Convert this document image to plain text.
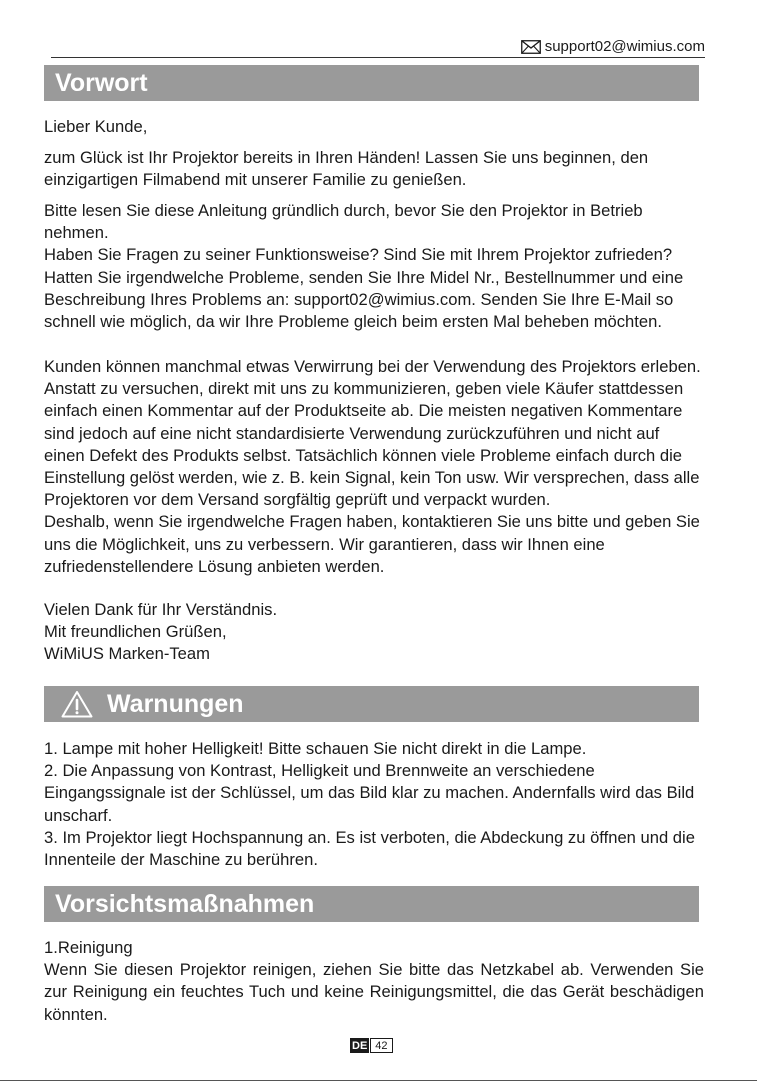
support02@wimius.com
Vorwort

Lieber Kunde,

zum Glück ist Ihr Projektor bereits in Ihren Händen! Lassen Sie uns beginnen, den einzigartigen Filmabend mit unserer Familie zu genießen.

Bitte lesen Sie diese Anleitung gründlich durch, bevor Sie den Projektor in Betrieb nehmen.

Haben Sie Fragen zu seiner Funktionsweise? Sind Sie mit Ihrem Projektor zufrieden? Hatten Sie irgendwelche Probleme, senden Sie Ihre Midel Nr., Bestellnummer und eine Beschreibung Ihres Problems an: support02@wimius.com. Senden Sie Ihre E-Mail so schnell wie möglich, da wir Ihre Probleme gleich beim ersten Mal beheben möchten.

Kunden können manchmal etwas Verwirrung bei der Verwendung des Projektors erleben. Anstatt zu versuchen, direkt mit uns zu kommunizieren, geben viele Käufer stattdessen einfach einen Kommentar auf der Produktseite ab. Die meisten negativen Kommentare sind jedoch auf eine nicht standardisierte Verwendung zurückzuführen und nicht auf einen Defekt des Produkts selbst. Tatsächlich können viele Probleme einfach durch die Einstellung gelöst werden, wie z. B. kein Signal, kein Ton usw. Wir versprechen, dass alle Projektoren vor dem Versand sorgfältig geprüft und verpackt wurden.

Deshalb, wenn Sie irgendwelche Fragen haben, kontaktieren Sie uns bitte und geben Sie uns die Möglichkeit, uns zu verbessern. Wir garantieren, dass wir Ihnen eine zufriedenstellendere Lösung anbieten werden.

Vielen Dank für Ihr Verständnis.

Mit freundlichen Grüßen,

WiMiUS Marken-Team

Warnungen

1. Lampe mit hoher Helligkeit! Bitte schauen Sie nicht direkt in die Lampe.

2. Die Anpassung von Kontrast, Helligkeit und Brennweite an verschiedene Eingangssignale ist der Schlüssel, um das Bild klar zu machen. Andernfalls wird das Bild unscharf.

3. Im Projektor liegt Hochspannung an. Es ist verboten, die Abdeckung zu öffnen und die Innenteile der Maschine zu berühren.

Vorsichtsmaßnahmen

1.Reinigung

Wenn Sie diesen Projektor reinigen, ziehen Sie bitte das Netzkabel ab. Verwenden Sie zur Reinigung ein feuchtes Tuch und keine Reinigungsmittel, die das Gerät beschädigen könnten.

DE 42
